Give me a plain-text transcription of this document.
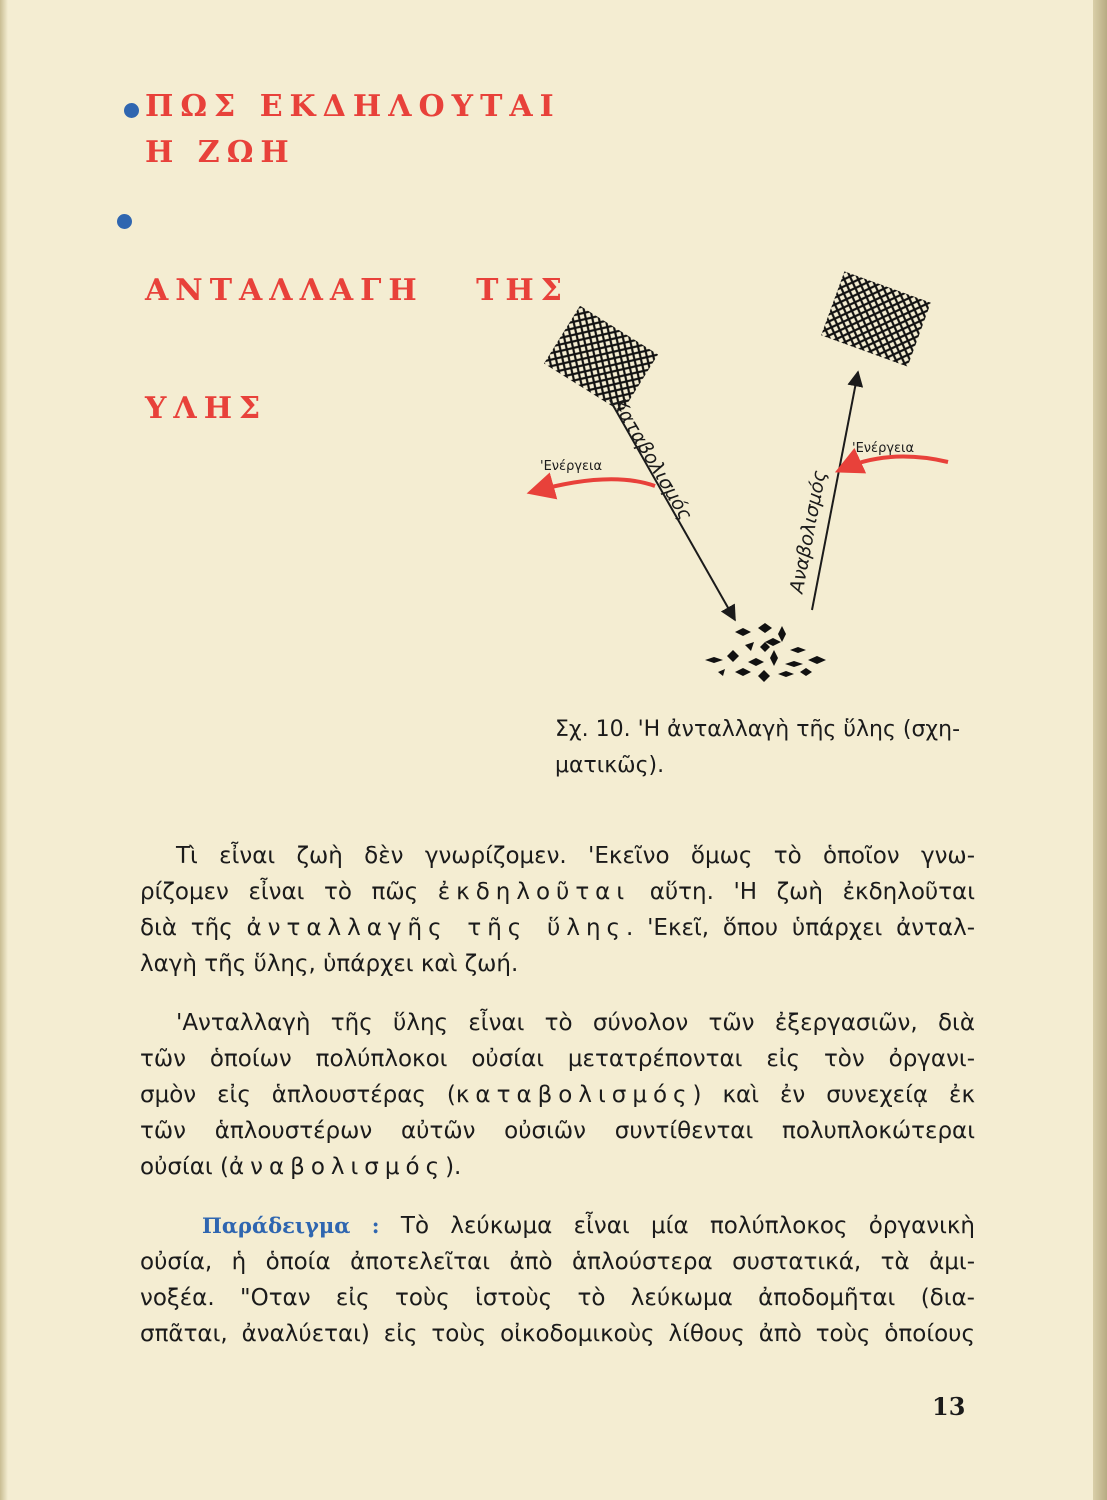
ΠΩΣ ΕΚΔΗΛΟΥΤΑΙ
Η ΖΩΗ

ΑΝΤΑΛΛΑΓΗ   ΤΗΣ

ΥΛΗΣ	Καταβολισμός
Αναβολισμός
'Ενέργεια
'Ενέργεια
Σχ. 10. 'Η ἀνταλλαγὴ τῆς ὕλης (σχη-
ματικῶς).
Τὶ εἶναι ζωὴ δὲν γνωρίζομεν. 'Εκεῖνο ὅμως τὸ ὁποῖον γνω-
ρίζομεν εἶναι τὸ πῶς ἐκδηλοῦται αὕτη. 'Η ζωὴ ἐκδηλοῦται
διὰ τῆς ἀνταλλαγῆς τῆς ὕλης. 'Εκεῖ, ὅπου ὑπάρχει ἀνταλ-
λαγὴ τῆς ὕλης, ὑπάρχει καὶ ζωή.
'Ανταλλαγὴ τῆς ὕλης εἶναι τὸ σύνολον τῶν ἐξεργασιῶν, διὰ
τῶν ὁποίων πολύπλοκοι οὐσίαι μετατρέπονται εἰς τὸν ὀργανι-
σμὸν εἰς ἁπλουστέρας (καταβολισμός) καὶ ἐν συνεχείᾳ ἐκ
τῶν ἁπλουστέρων αὐτῶν οὐσιῶν συντίθενται πολυπλοκώτεραι
οὐσίαι (ἀναβολισμός).
Παράδειγμα : Τὸ λεύκωμα εἶναι μία πολύπλοκος ὀργανικὴ
οὐσία, ἡ ὁποία ἀποτελεῖται ἀπὸ ἁπλούστερα συστατικά, τὰ ἀμι-
νοξέα. "Οταν εἰς τοὺς ἱστοὺς τὸ λεύκωμα ἀποδομῆται (δια-
σπᾶται, ἀναλύεται) εἰς τοὺς οἰκοδομικοὺς λίθους ἀπὸ τοὺς ὁποίους
13
